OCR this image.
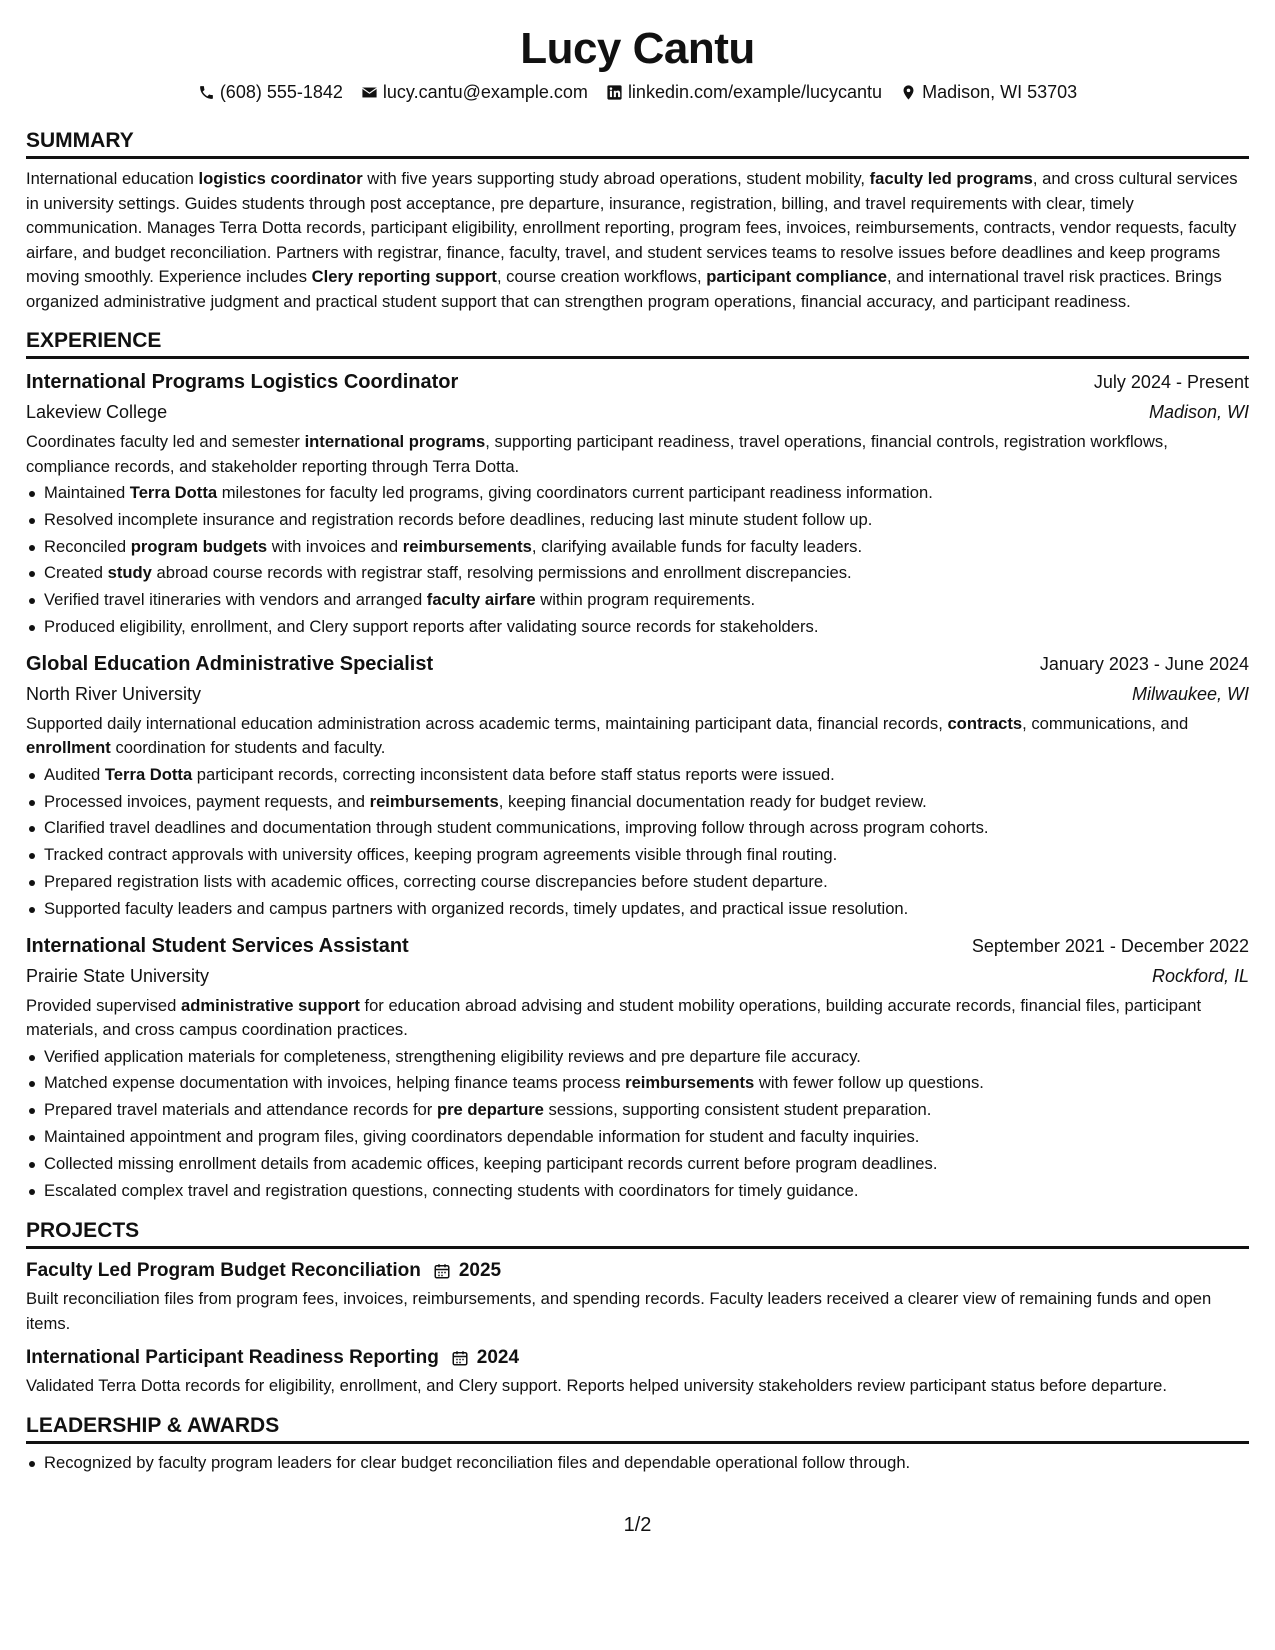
Lucy Cantu
(608) 555-1842 lucy.cantu@example.com linkedin.com/example/lucycantu Madison, WI 53703
SUMMARY
International education logistics coordinator with five years supporting study abroad operations, student mobility, faculty led programs, and cross cultural services in university settings. Guides students through post acceptance, pre departure, insurance, registration, billing, and travel requirements with clear, timely communication. Manages Terra Dotta records, participant eligibility, enrollment reporting, program fees, invoices, reimbursements, contracts, vendor requests, faculty airfare, and budget reconciliation. Partners with registrar, finance, faculty, travel, and student services teams to resolve issues before deadlines and keep programs moving smoothly. Experience includes Clery reporting support, course creation workflows, participant compliance, and international travel risk practices. Brings organized administrative judgment and practical student support that can strengthen program operations, financial accuracy, and participant readiness.
EXPERIENCE
International Programs Logistics Coordinator	July 2024 - Present
Lakeview College	Madison, WI
Coordinates faculty led and semester international programs, supporting participant readiness, travel operations, financial controls, registration workflows, compliance records, and stakeholder reporting through Terra Dotta.
Maintained Terra Dotta milestones for faculty led programs, giving coordinators current participant readiness information.
Resolved incomplete insurance and registration records before deadlines, reducing last minute student follow up.
Reconciled program budgets with invoices and reimbursements, clarifying available funds for faculty leaders.
Created study abroad course records with registrar staff, resolving permissions and enrollment discrepancies.
Verified travel itineraries with vendors and arranged faculty airfare within program requirements.
Produced eligibility, enrollment, and Clery support reports after validating source records for stakeholders.
Global Education Administrative Specialist	January 2023 - June 2024
North River University	Milwaukee, WI
Supported daily international education administration across academic terms, maintaining participant data, financial records, contracts, communications, and enrollment coordination for students and faculty.
Audited Terra Dotta participant records, correcting inconsistent data before staff status reports were issued.
Processed invoices, payment requests, and reimbursements, keeping financial documentation ready for budget review.
Clarified travel deadlines and documentation through student communications, improving follow through across program cohorts.
Tracked contract approvals with university offices, keeping program agreements visible through final routing.
Prepared registration lists with academic offices, correcting course discrepancies before student departure.
Supported faculty leaders and campus partners with organized records, timely updates, and practical issue resolution.
International Student Services Assistant	September 2021 - December 2022
Prairie State University	Rockford, IL
Provided supervised administrative support for education abroad advising and student mobility operations, building accurate records, financial files, participant materials, and cross campus coordination practices.
Verified application materials for completeness, strengthening eligibility reviews and pre departure file accuracy.
Matched expense documentation with invoices, helping finance teams process reimbursements with fewer follow up questions.
Prepared travel materials and attendance records for pre departure sessions, supporting consistent student preparation.
Maintained appointment and program files, giving coordinators dependable information for student and faculty inquiries.
Collected missing enrollment details from academic offices, keeping participant records current before program deadlines.
Escalated complex travel and registration questions, connecting students with coordinators for timely guidance.
PROJECTS
Faculty Led Program Budget Reconciliation 2025
Built reconciliation files from program fees, invoices, reimbursements, and spending records. Faculty leaders received a clearer view of remaining funds and open items.
International Participant Readiness Reporting 2024
Validated Terra Dotta records for eligibility, enrollment, and Clery support. Reports helped university stakeholders review participant status before departure.
LEADERSHIP & AWARDS
Recognized by faculty program leaders for clear budget reconciliation files and dependable operational follow through.
1/2
